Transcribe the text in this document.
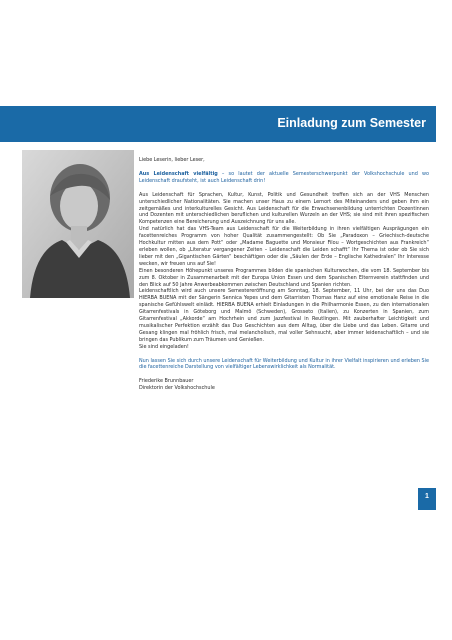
Einladung zum Semester

Liebe Leserin, lieber Leser,

Aus Leidenschaft vielfältig – so lautet der aktuelle Semesterschwerpunkt der Volkshochschule und wo Leidenschaft draufsteht, ist auch Leidenschaft drin!

Aus Leidenschaft für Sprachen, Kultur, Kunst, Politik und Gesundheit treffen sich an der VHS Menschen unterschiedlicher Nationalitäten. Sie machen unser Haus zu einem Lernort des Miteinanders und geben ihm ein zeitgemäßes und interkulturelles Gesicht. Aus Leidenschaft für die Erwachsenenbildung unterrichten Dozentinnen und Dozenten mit unterschiedlichen beruflichen und kulturellen Wurzeln an der VHS; sie sind mit ihren spezifischen Kompetenzen eine Bereicherung und Auszeichnung für uns alle.

Und natürlich hat das VHS-Team aus Leidenschaft für die Weiterbildung in ihren vielfältigen Ausprägungen ein facettenreiches Programm von hoher Qualität zusammengestellt: Ob Sie „Paradoxon – Griechisch-deutsche Hochkultur mitten aus dem Pott“ oder „Madame Baguette und Monsieur Filou – Wortgeschichten aus Frankreich“ erleben wollen, ob „Literatur vergangener Zeiten – Leidenschaft die Leiden schafft“ Ihr Thema ist oder ob Sie sich lieber mit den „Gigantischen Gärten“ beschäftigen oder die „Säulen der Erde – Englische Kathedralen“ Ihr Interesse wecken, wir freuen uns auf Sie!

Einen besonderen Höhepunkt unseres Programmes bilden die spanischen Kulturwochen, die vom 18. September bis zum 8. Oktober in Zusammenarbeit mit der Europa Union Essen und dem Spanischen Elternverein stattfinden und den Blick auf 50 Jahre Anwerbeabkommen zwischen Deutschland und Spanien richten.

Leidenschaftlich wird auch unsere Semestereröffnung am Sonntag, 18. September, 11 Uhr, bei der uns das Duo HIERBA BUENA mit der Sängerin Sennica Yepes und dem Gitarristen Thomas Hanz auf eine emotionale Reise in die spanische Gefühlswelt einlädt. HIERBA BUENA erhielt Einladungen in die Philharmonie Essen, zu den internationalen Gitarrenfestivals in Göteborg und Malmö (Schweden), Grosseto (Italien), zu Konzerten in Spanien, zum Gitarrenfestival „Akkorde“ am Hochrhein und zum Jazzfestival in Reutlingen. Mit zauberhafter Leichtigkeit und musikalischer Perfektion erzählt das Duo Geschichten aus dem Alltag, über die Liebe und das Leben. Gitarre und Gesang klingen mal fröhlich frisch, mal melancholisch, mal voller Sehnsucht, aber immer leidenschaftlich – und sie bringen das Publikum zum Träumen und Genießen.

Sie sind eingeladen!

Nun lassen Sie sich durch unsere Leidenschaft für Weiterbildung und Kultur in ihrer Vielfalt inspirieren und erleben Sie die facettenreiche Darstellung von vielfältiger Lebenswirklichkeit als Normalität.

Friederike Brunnbauer

Direktorin der Volkshochschule

1
